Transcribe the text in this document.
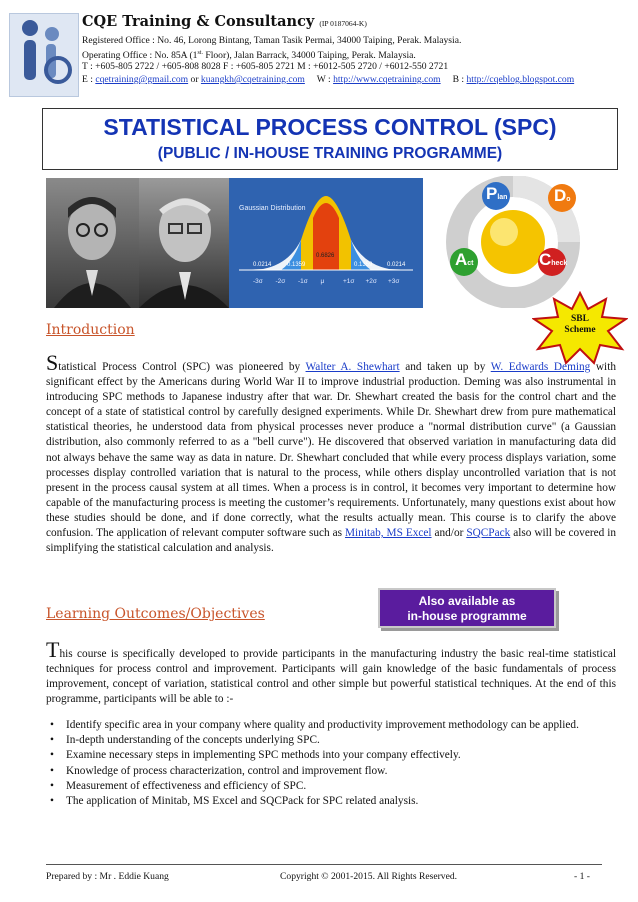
CQE Training & Consultancy (IP 0187064-K)
Registered Office : No. 46, Lorong Bintang, Taman Tasik Permai, 34000 Taiping, Perak. Malaysia.
Operating Office : No. 85A ($1^{st.}$ Floor), Jalan Barrack, 34000 Taiping, Perak. Malaysia.
T : +605-805 2722 / +605-808 8028 F : +605-805 2721 M : +6012-505 2720 / +6012-550 2721
E : cqetraining@gmail.com or kuangkh@cqetraining.com W : http://www.cqetraining.com B : http://cqeblog.blogspot.com
STATISTICAL PROCESS CONTROL (SPC)
(PUBLIC / IN-HOUSE TRAINING PROGRAMME)
Gaussian Distribution
0.6826
0.1359	0.1359
0.0214	0.0214
-3σ -2σ -1σ μ	+1σ +2σ +3σ
Plan	Do
Check
Act
SBL
Scheme
Introduction
Statistical Process Control (SPC) was pioneered by Walter A. Shewhart and taken up by W. Edwards Deming with significant effect by the Americans during World War II to improve industrial production. Deming was also instrumental in introducing SPC methods to Japanese industry after that war. Dr. Shewhart created the basis for the control chart and the concept of a state of statistical control by carefully designed experiments. While Dr. Shewhart drew from pure mathematical statistical theories, he understood data from physical processes never produce a "normal distribution curve" (a Gaussian distribution, also commonly referred to as a "bell curve"). He discovered that observed variation in manufacturing data did not always behave the same way as data in nature. Dr. Shewhart concluded that while every process displays variation, some processes display controlled variation that is natural to the process, while others display uncontrolled variation that is not present in the process causal system at all times. When a process is in control, it becomes very important to determine how capable of the manufacturing process is meeting the customer’s requirements. Unfortunately, many questions exist about how these studies should be done, and if done correctly, what the results actually mean. This course is to clarify the above confusion. The application of relevant computer software such as Minitab, MS Excel and/or SQCPack also will be covered in simplifying the statistical calculation and analysis.
Learning Outcomes/Objectives
Also available as
in-house programme
This course is specifically developed to provide participants in the manufacturing industry the basic real-time statistical techniques for process control and improvement. Participants will gain knowledge of the basic fundamentals of process improvement, concept of variation, statistical control and other simple but powerful statistical techniques. At the end of this programme, participants will be able to :-
• Identify specific area in your company where quality and productivity improvement methodology can be applied.
• In-depth understanding of the concepts underlying SPC.
• Examine necessary steps in implementing SPC methods into your company effectively.
• Knowledge of process characterization, control and improvement flow.
• Measurement of effectiveness and efficiency of SPC.
• The application of Minitab, MS Excel and SQCPack for SPC related analysis.
Prepared by : Mr . Eddie Kuang	Copyright © 2001-2015. All Rights Reserved.	- 1 -
